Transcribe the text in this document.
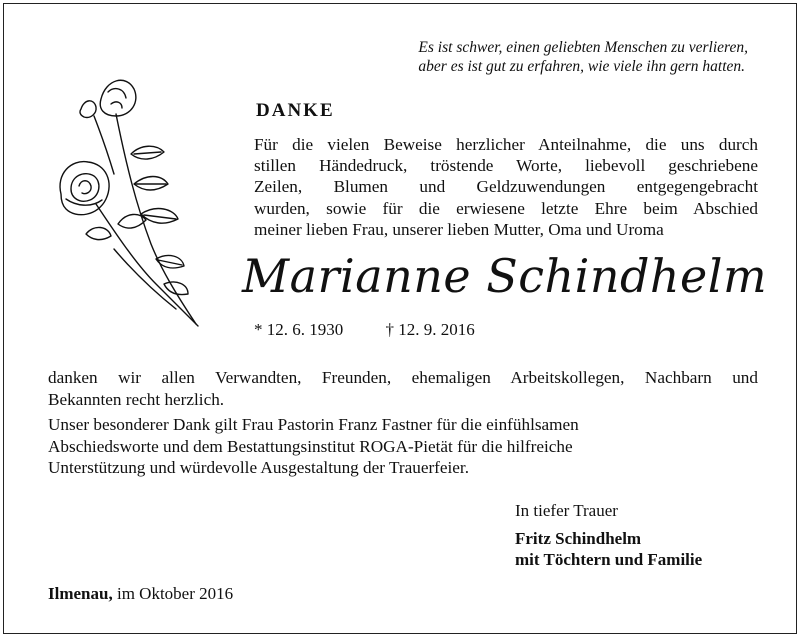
Es ist schwer, einen geliebten Menschen zu verlieren,
aber es ist gut zu erfahren, wie viele ihn gern hatten.
DANKE
Für die vielen Beweise herzlicher Anteilnahme, die uns durch
stillen Händedruck, tröstende Worte, liebevoll geschriebene
Zeilen, Blumen und Geldzuwendungen entgegengebracht
wurden, sowie für die erwiesene letzte Ehre beim Abschied
meiner lieben Frau, unserer lieben Mutter, Oma und Uroma
Marianne Schindhelm
* 12. 6. 1930 † 12. 9. 2016
danken wir allen Verwandten, Freunden, ehemaligen Arbeitskollegen, Nachbarn und
Bekannten recht herzlich.
Unser besonderer Dank gilt Frau Pastorin Franz Fastner für die einfühlsamen
Abschiedsworte und dem Bestattungsinstitut ROGA-Pietät für die hilfreiche
Unterstützung und würdevolle Ausgestaltung der Trauerfeier.
In tiefer Trauer
Fritz Schindhelm
mit Töchtern und Familie
Ilmenau, im Oktober 2016
